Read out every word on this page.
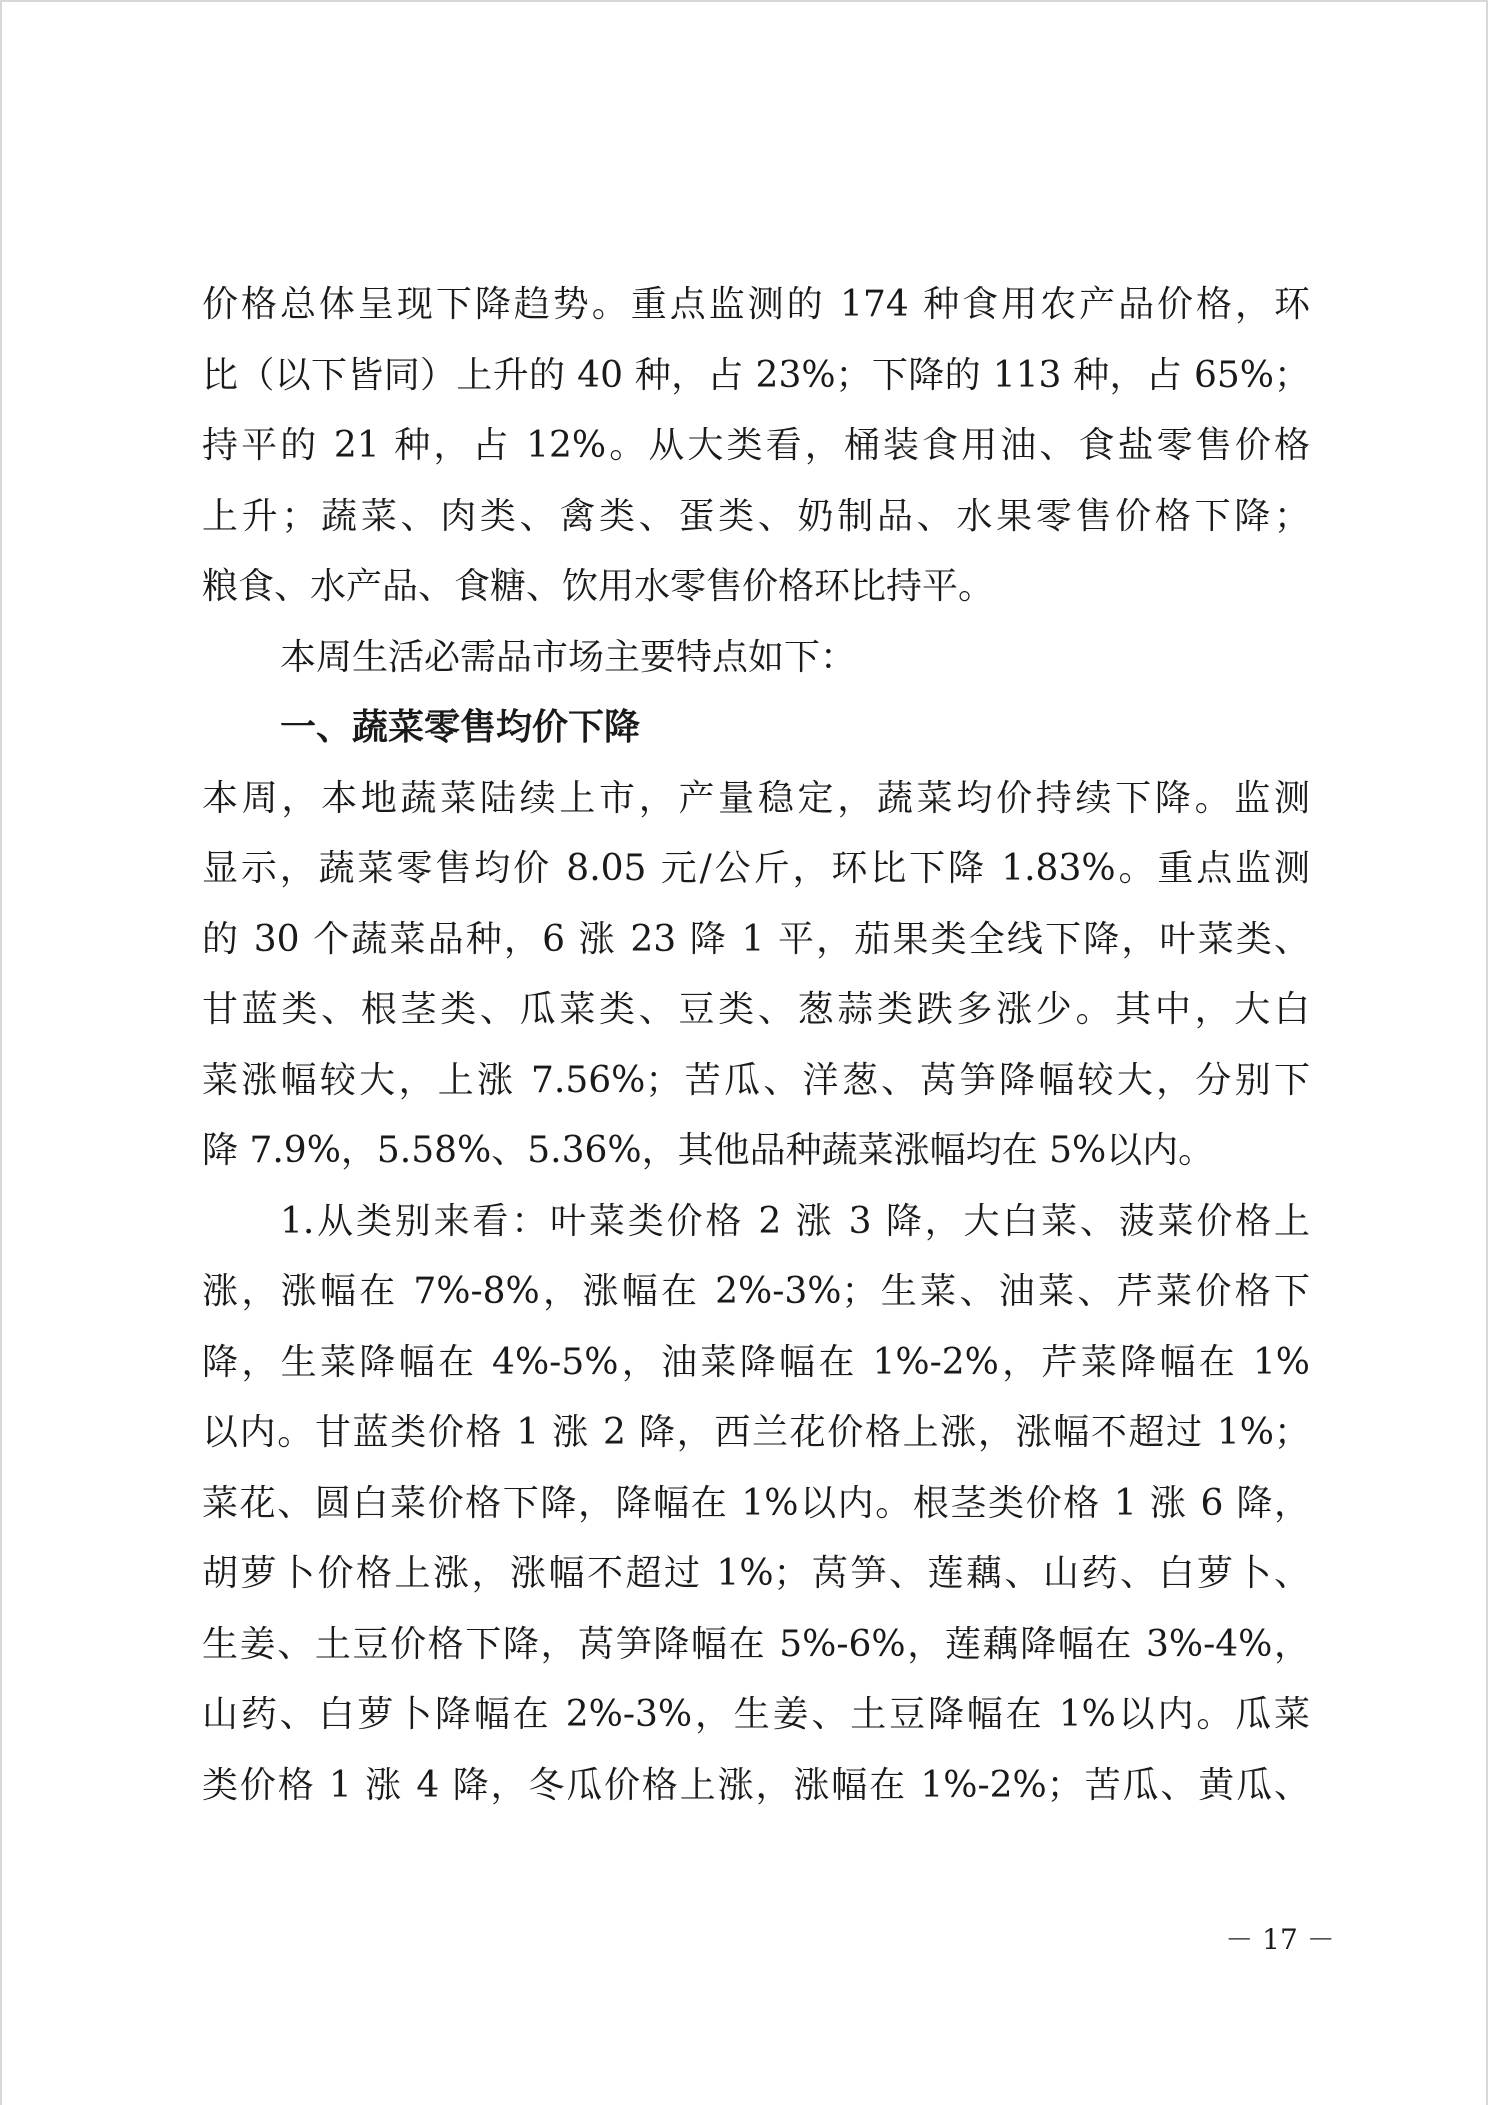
价格总体呈现下降趋势。重点监测的 174 种食用农产品价格，环
比（以下皆同）上升的 40 种，占 23%；下降的 113 种，占 65%；
持平的 21 种，占 12%。从大类看，桶装食用油、食盐零售价格
上升；蔬菜、肉类、禽类、蛋类、奶制品、水果零售价格下降；
粮食、水产品、食糖、饮用水零售价格环比持平。
本周生活必需品市场主要特点如下：
一、蔬菜零售均价下降
本周，本地蔬菜陆续上市，产量稳定，蔬菜均价持续下降。监测
显示，蔬菜零售均价 8.05 元/公斤，环比下降 1.83%。重点监测
的 30 个蔬菜品种，6 涨 23 降 1 平，茄果类全线下降，叶菜类、
甘蓝类、根茎类、瓜菜类、豆类、葱蒜类跌多涨少。其中，大白
菜涨幅较大，上涨 7.56%；苦瓜、洋葱、莴笋降幅较大，分别下
降 7.9%，5.58%、5.36%，其他品种蔬菜涨幅均在 5%以内。
1.从类别来看：叶菜类价格 2 涨 3 降，大白菜、菠菜价格上
涨，涨幅在 7%-8%，涨幅在 2%-3%；生菜、油菜、芹菜价格下
降，生菜降幅在 4%-5%，油菜降幅在 1%-2%，芹菜降幅在 1%
以内。甘蓝类价格 1 涨 2 降，西兰花价格上涨，涨幅不超过 1%；
菜花、圆白菜价格下降，降幅在 1%以内。根茎类价格 1 涨 6 降，
胡萝卜价格上涨，涨幅不超过 1%；莴笋、莲藕、山药、白萝卜、
生姜、土豆价格下降，莴笋降幅在 5%-6%，莲藕降幅在 3%-4%，
山药、白萝卜降幅在 2%-3%，生姜、土豆降幅在 1%以内。瓜菜
类价格 1 涨 4 降，冬瓜价格上涨，涨幅在 1%-2%；苦瓜、黄瓜、
－ 17 －
